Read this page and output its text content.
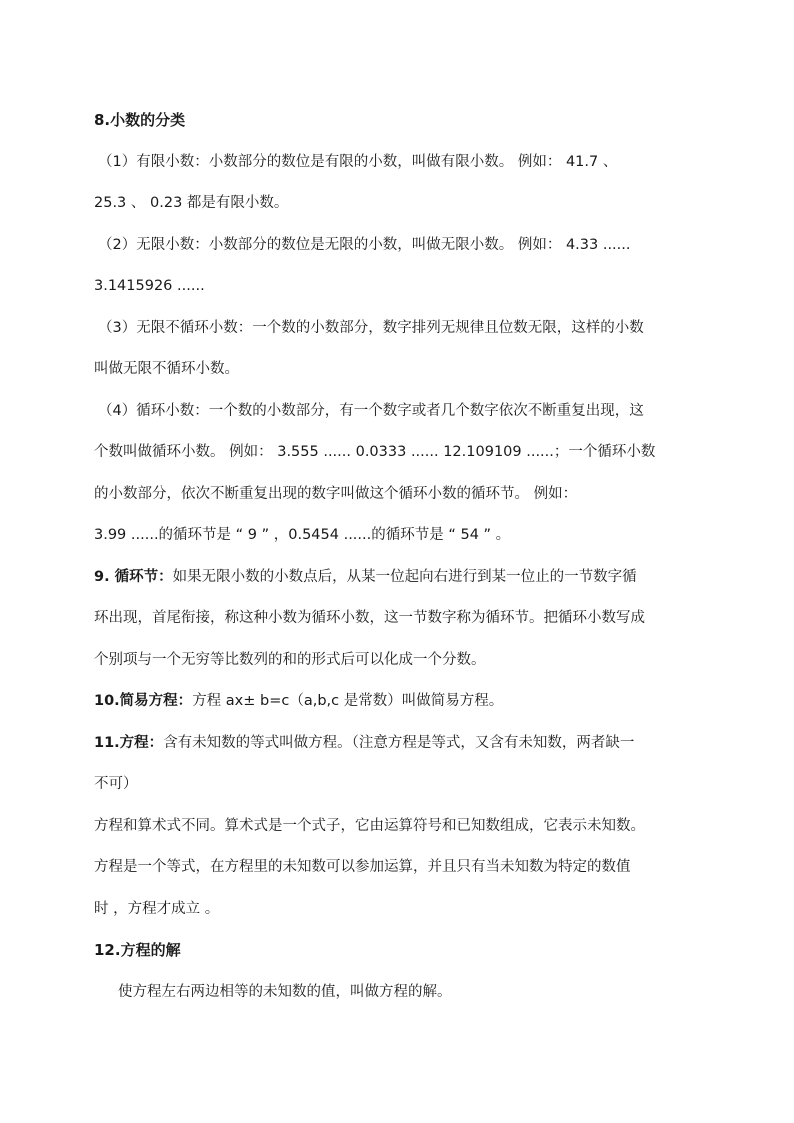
8.小数的分类
（1）有限小数：小数部分的数位是有限的小数，叫做有限小数。 例如： 41.7 、
25.3 、 0.23 都是有限小数。
（2）无限小数：小数部分的数位是无限的小数，叫做无限小数。 例如： 4.33 ......
3.1415926 ......
（3）无限不循环小数：一个数的小数部分，数字排列无规律且位数无限，这样的小数
叫做无限不循环小数。
（4）循环小数：一个数的小数部分，有一个数字或者几个数字依次不断重复出现，这
个数叫做循环小数。 例如： 3.555 ...... 0.0333 ...... 12.109109 ......；一个循环小数
的小数部分，依次不断重复出现的数字叫做这个循环小数的循环节。 例如：
3.99 ......的循环节是 “ 9 ” ，0.5454 ......的循环节是 “ 54 ” 。
9. 循环节：如果无限小数的小数点后，从某一位起向右进行到某一位止的一节数字循
环出现，首尾衔接，称这种小数为循环小数，这一节数字称为循环节。把循环小数写成
个别项与一个无穷等比数列的和的形式后可以化成一个分数。
10.简易方程：方程 ax± b=c（a,b,c 是常数）叫做简易方程。
11.方程：含有未知数的等式叫做方程。（注意方程是等式，又含有未知数，两者缺一
不可）
方程和算术式不同。算术式是一个式子，它由运算符号和已知数组成，它表示未知数。
方程是一个等式，在方程里的未知数可以参加运算，并且只有当未知数为特定的数值
时 ，方程才成立 。
12.方程的解
使方程左右两边相等的未知数的值，叫做方程的解。
